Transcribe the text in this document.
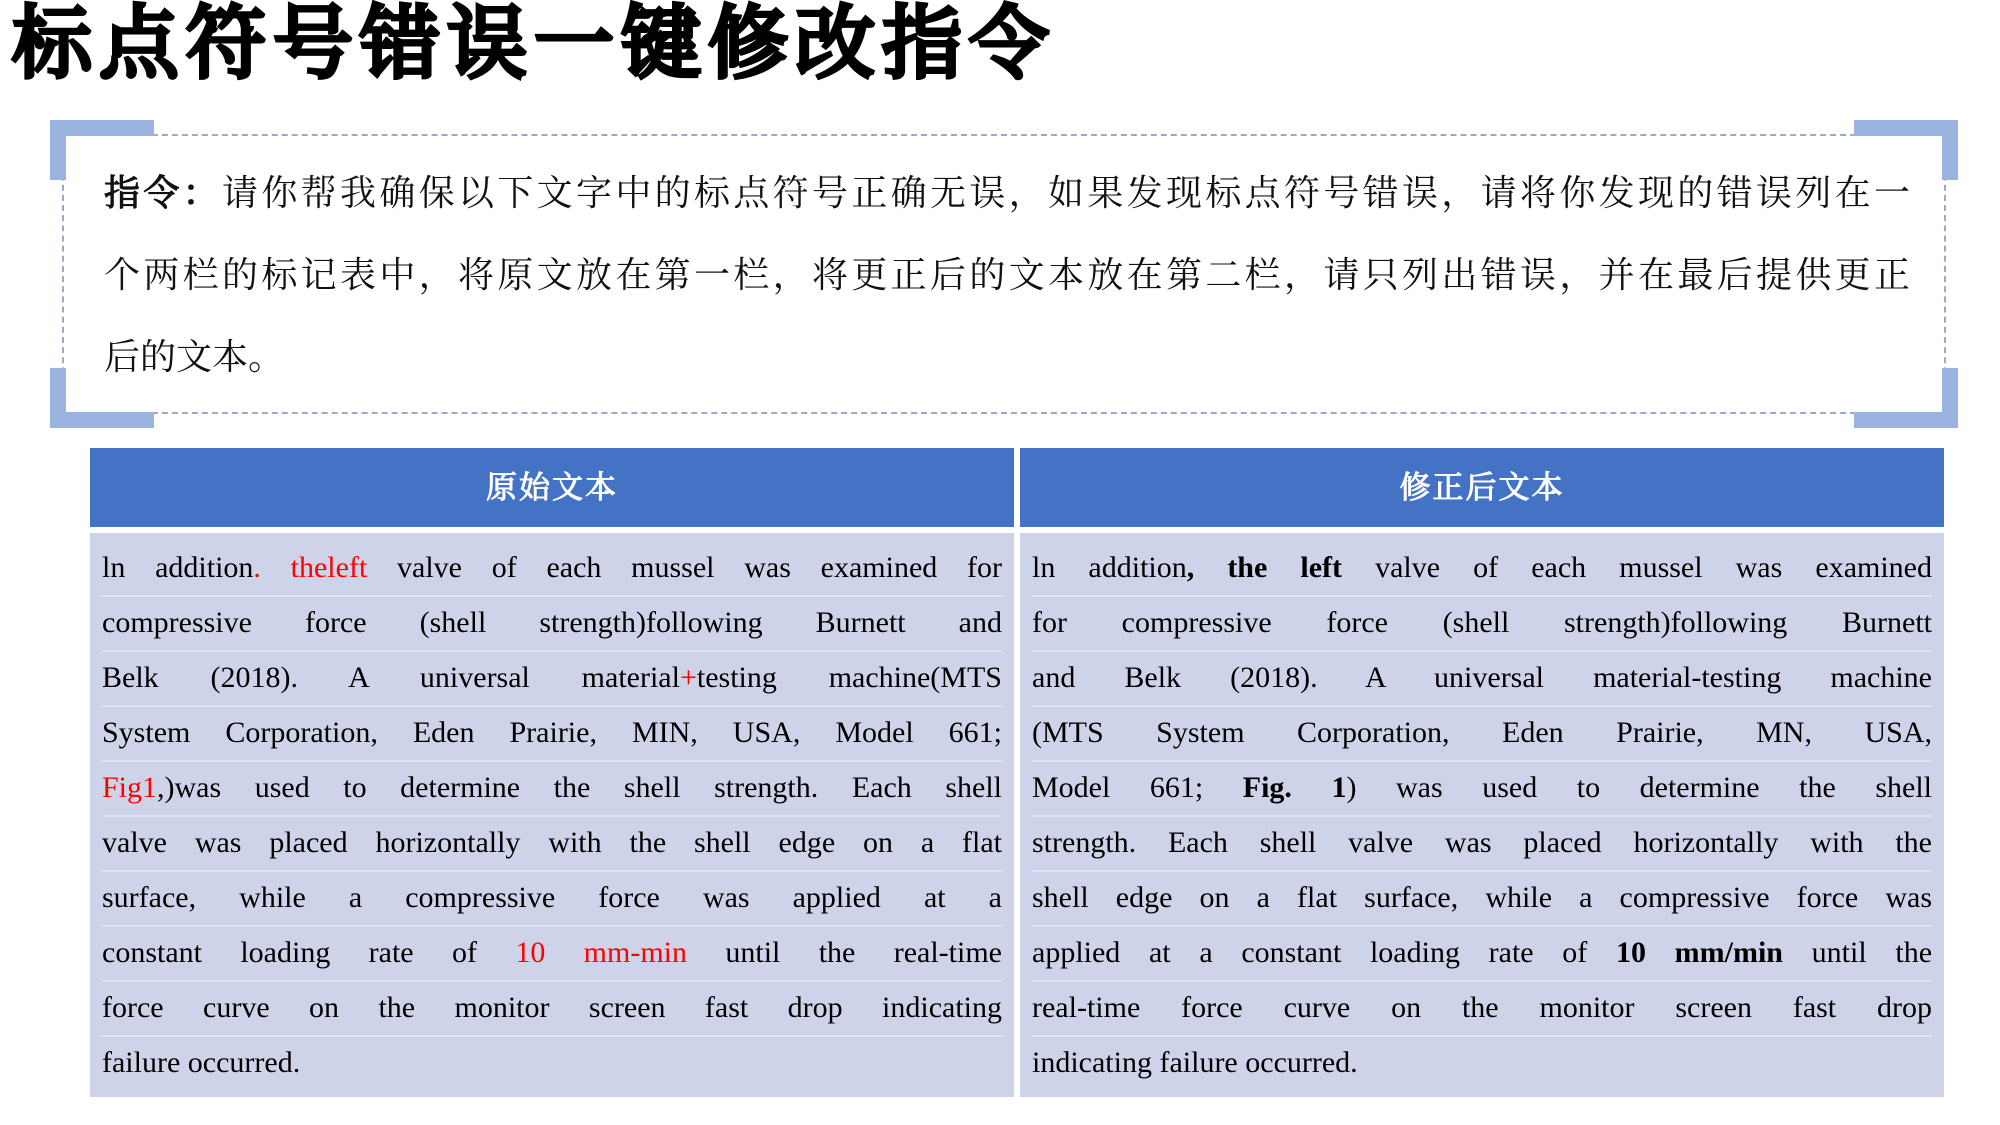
标点符号错误一键修改指令
指令：请你帮我确保以下文字中的标点符号正确无误，如果发现标点符号错误，请将你发现的错误列在一
个两栏的标记表中，将原文放在第一栏，将更正后的文本放在第二栏，请只列出错误，并在最后提供更正
后的文本。
原始文本	修正后文本
ln addition. theleft valve of each mussel was examined for
compressive force (shell strength)following Burnett and
Belk (2018). A universal material+testing machine(MTS
System Corporation, Eden Prairie, MIN, USA, Model 661;
Fig1,)was used to determine the shell strength. Each shell
valve was placed horizontally with the shell edge on a flat
surface, while a compressive force was applied at a
constant loading rate of 10 mm-min until the real-time
force curve on the monitor screen fast drop indicating
failure occurred.
ln addition, the left valve of each mussel was examined
for compressive force (shell strength)following Burnett
and Belk (2018). A universal material-testing machine
(MTS System Corporation, Eden Prairie, MN, USA,
Model 661; Fig. 1) was used to determine the shell
strength. Each shell valve was placed horizontally with the
shell edge on a flat surface, while a compressive force was
applied at a constant loading rate of 10 mm/min until the
real-time force curve on the monitor screen fast drop
indicating failure occurred.
